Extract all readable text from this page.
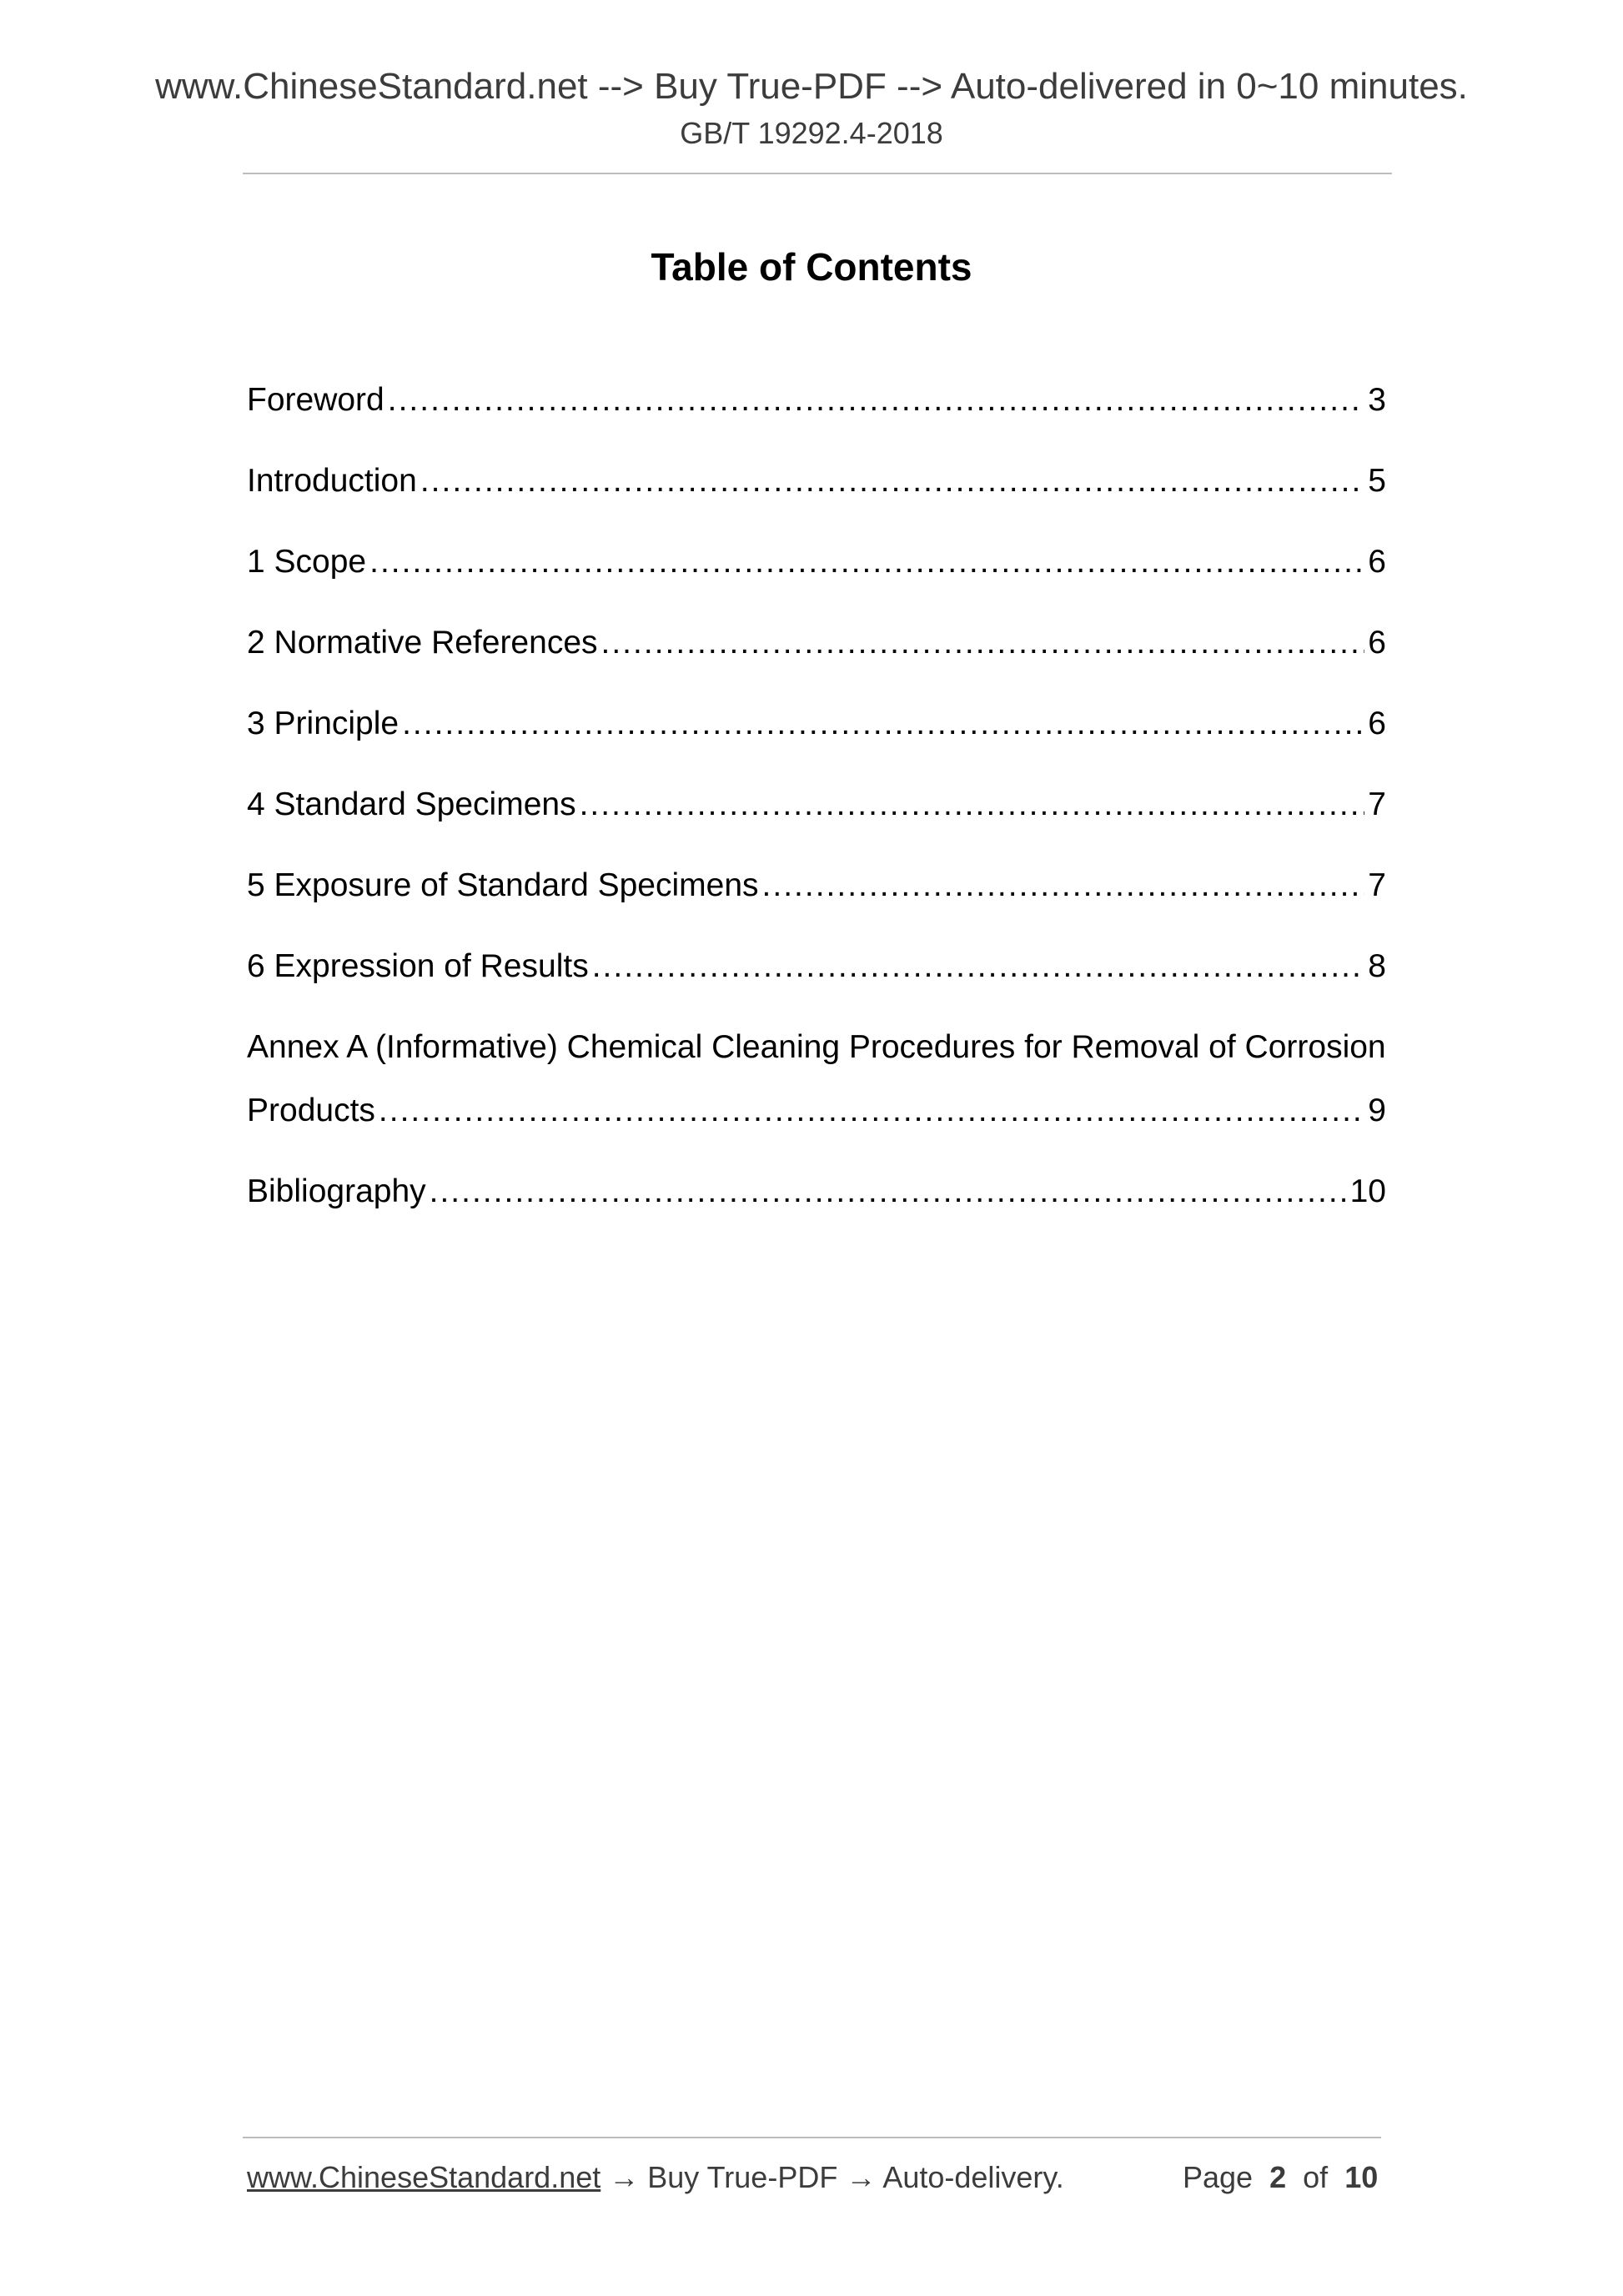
www.ChineseStandard.net --> Buy True-PDF --> Auto-delivered in 0~10 minutes.
GB/T 19292.4-2018
Table of Contents
Foreword .....	3
Introduction .....	5
1 Scope .....	6
2 Normative References .....	6
3 Principle .....	6
4 Standard Specimens .....	7
5 Exposure of Standard Specimens .....	7
6 Expression of Results .....	8
Annex A (Informative) Chemical Cleaning Procedures for Removal of Corrosion
Products .....	9
Bibliography .....	10
www.ChineseStandard.net → Buy True-PDF → Auto-delivery.	Page 2 of 10
